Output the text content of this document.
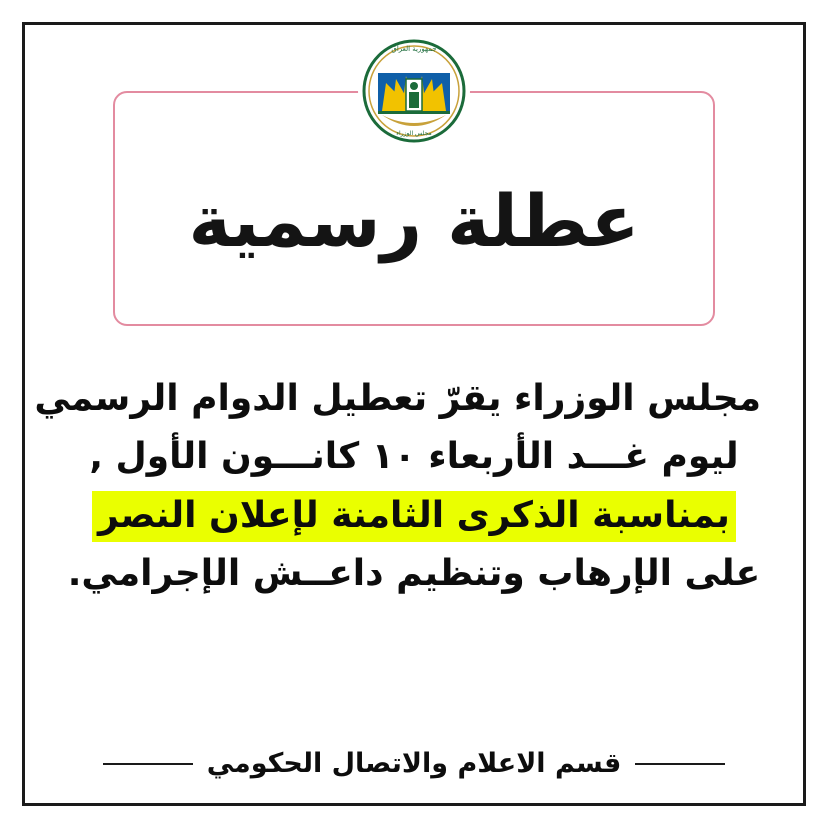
جمهورية العراق
مجلس الوزراء
عطلة رسمية
مجلس الوزراء يقرّ تعطيل الدوام الرسمي
ليوم غـــد الأربعاء ١٠ كانـــون الأول ,
بمناسبة الذكرى الثامنة لإعلان النصر
على الإرهاب وتنظيم داعــش الإجرامي.
قسم الاعلام والاتصال الحكومي
